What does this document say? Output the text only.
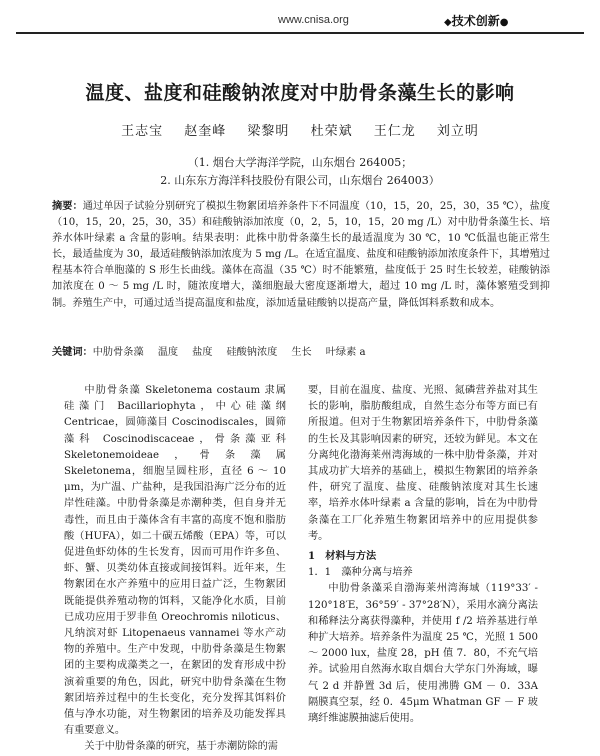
www.cnisa.org	◆技术创新●
温度、盐度和硅酸钠浓度对中肋骨条藻生长的影响
王志宝 赵奎峰 梁黎明 杜荣斌 王仁龙 刘立明
（1. 烟台大学海洋学院，山东烟台 264005；
2. 山东东方海洋科技股份有限公司，山东烟台 264003）
摘要：通过单因子试验分别研究了模拟生物絮团培养条件下不同温度（10，15，20，25，30，35 ℃），盐度（10，15，20，25，30，35）和硅酸钠添加浓度（0，2，5，10，15，20 mg /L）对中肋骨条藻生长、培养水体叶绿素 a 含量的影响。结果表明：此株中肋骨条藻生长的最适温度为 30 ℃，10 ℃低温也能正常生长，最适盐度为 30，最适硅酸钠添加浓度为 5 mg /L。在适宜温度、盐度和硅酸钠添加浓度条件下，其增殖过程基本符合单胞藻的 S 形生长曲线。藻体在高温（35 ℃）时不能繁殖，盐度低于 25 时生长较差，硅酸钠添加浓度在 0 ～ 5 mg /L 时，随浓度增大，藻细胞最大密度逐渐增大，超过 10 mg /L 时，藻体繁殖受到抑制。养殖生产中，可通过适当提高温度和盐度，添加适量硅酸钠以提高产量，降低饵料系数和成本。
关键词：中肋骨条藻 温度 盐度 硅酸钠浓度 生长 叶绿素 a

中肋骨条藻 Skeletonema costaum 隶属硅藻门 Bacillariophyta，中心硅藻纲 Centricae，圆筛藻目 Coscinodiscales，圆筛藻科 Coscinodiscaceae，骨条藻亚科 Skeletonemoideae，骨条藻属 Skeletonema，细胞呈圆柱形，直径 6 ～ 10 μm，为广温、广盐种，是我国沿海广泛分布的近岸性硅藻。中肋骨条藻是赤潮种类，但自身并无毒性，而且由于藻体含有丰富的高度不饱和脂肪酸（HUFA），如二十碳五烯酸（EPA）等，可以促进鱼虾幼体的生长发育，因而可用作许多鱼、虾、蟹、贝类幼体直接或间接饵料。近年来，生物絮团在水产养殖中的应用日益广泛，生物絮团既能提供养殖动物的饵料，又能净化水质，目前已成功应用于罗非鱼 Oreochromis niloticus、凡纳滨对虾 Litopenaeus vannamei 等水产动物的养殖中。生产中发现，中肋骨条藻是生物絮团的主要构成藻类之一，在絮团的发育形成中扮演着重要的角色，因此，研究中肋骨条藻在生物絮团培养过程中的生长变化，充分发挥其饵料价值与净水功能，对生物絮团的培养及功能发挥具有重要意义。

关于中肋骨条藻的研究，基于赤潮防除的需

要，目前在温度、盐度、光照、氮磷营养盐对其生长的影响，脂肪酸组成，自然生态分布等方面已有所报道。但对于生物絮团培养条件下，中肋骨条藻的生长及其影响因素的研究，还较为鲜见。本文在分离纯化渤海莱州湾海域的一株中肋骨条藻，并对其成功扩大培养的基础上，模拟生物絮团的培养条件，研究了温度、盐度、硅酸钠浓度对其生长速率，培养水体叶绿素 a 含量的影响，旨在为中肋骨条藻在工厂化养殖生物絮团培养中的应用提供参考。

1　材料与方法

1．1　藻种分离与培养

中肋骨条藻采自渤海莱州湾海域（119°33′ - 120°18′E，36°59′ - 37°28′N），采用水滴分离法和稀释法分离获得藻种，并使用 f /2 培养基进行单种扩大培养。培养条件为温度 25 ℃，光照 1 500 ～ 2000 lux，盐度 28，pH 值 7．80，不充气培养。试验用自然海水取自烟台大学东门外海域，曝气 2 d 并静置 3d 后，使用沸腾 GM － 0．33A 隔膜真空泵，经 0．45μm Whatman GF － F 玻璃纤维滤膜抽滤后使用。
